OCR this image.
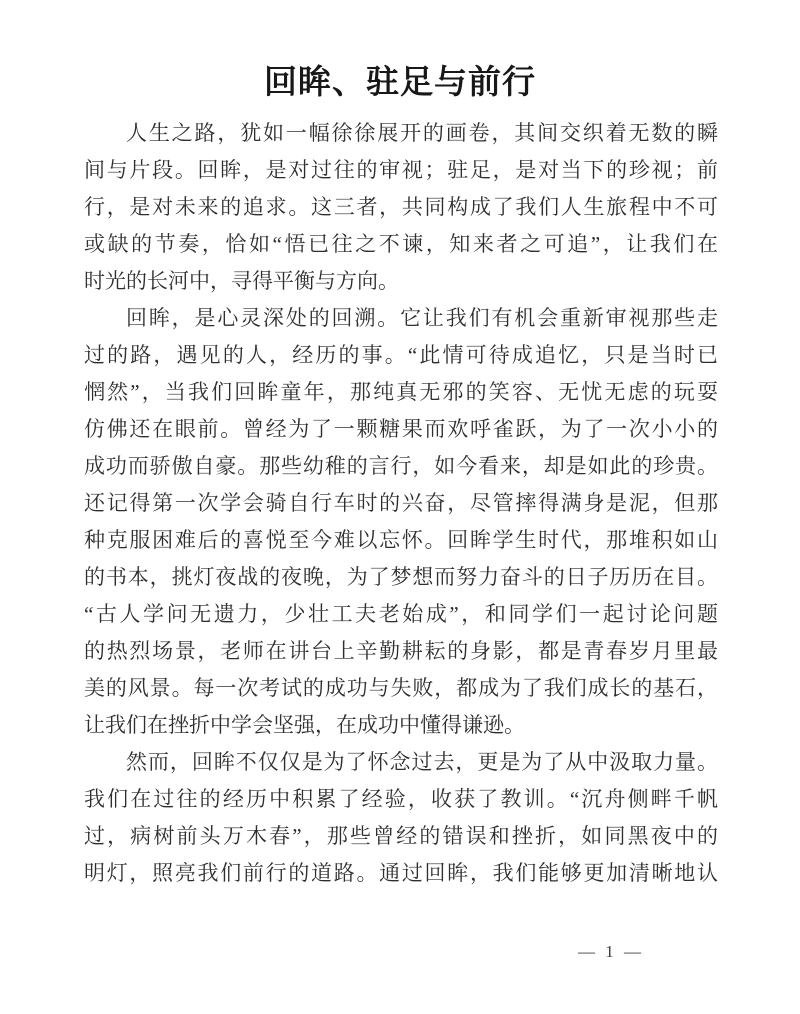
回眸、驻足与前行
人生之路，犹如一幅徐徐展开的画卷，其间交织着无数的瞬
间与片段。回眸，是对过往的审视；驻足，是对当下的珍视；前
行，是对未来的追求。这三者，共同构成了我们人生旅程中不可
或缺的节奏，恰如“悟已往之不谏，知来者之可追”，让我们在
时光的长河中，寻得平衡与方向。
回眸，是心灵深处的回溯。它让我们有机会重新审视那些走
过的路，遇见的人，经历的事。“此情可待成追忆，只是当时已
惘然”，当我们回眸童年，那纯真无邪的笑容、无忧无虑的玩耍
仿佛还在眼前。曾经为了一颗糖果而欢呼雀跃，为了一次小小的
成功而骄傲自豪。那些幼稚的言行，如今看来，却是如此的珍贵。
还记得第一次学会骑自行车时的兴奋，尽管摔得满身是泥，但那
种克服困难后的喜悦至今难以忘怀。回眸学生时代，那堆积如山
的书本，挑灯夜战的夜晚，为了梦想而努力奋斗的日子历历在目。
“古人学问无遗力，少壮工夫老始成”，和同学们一起讨论问题
的热烈场景，老师在讲台上辛勤耕耘的身影，都是青春岁月里最
美的风景。每一次考试的成功与失败，都成为了我们成长的基石，
让我们在挫折中学会坚强，在成功中懂得谦逊。
然而，回眸不仅仅是为了怀念过去，更是为了从中汲取力量。
我们在过往的经历中积累了经验，收获了教训。“沉舟侧畔千帆
过，病树前头万木春”，那些曾经的错误和挫折，如同黑夜中的
明灯，照亮我们前行的道路。通过回眸，我们能够更加清晰地认
— 1 —
